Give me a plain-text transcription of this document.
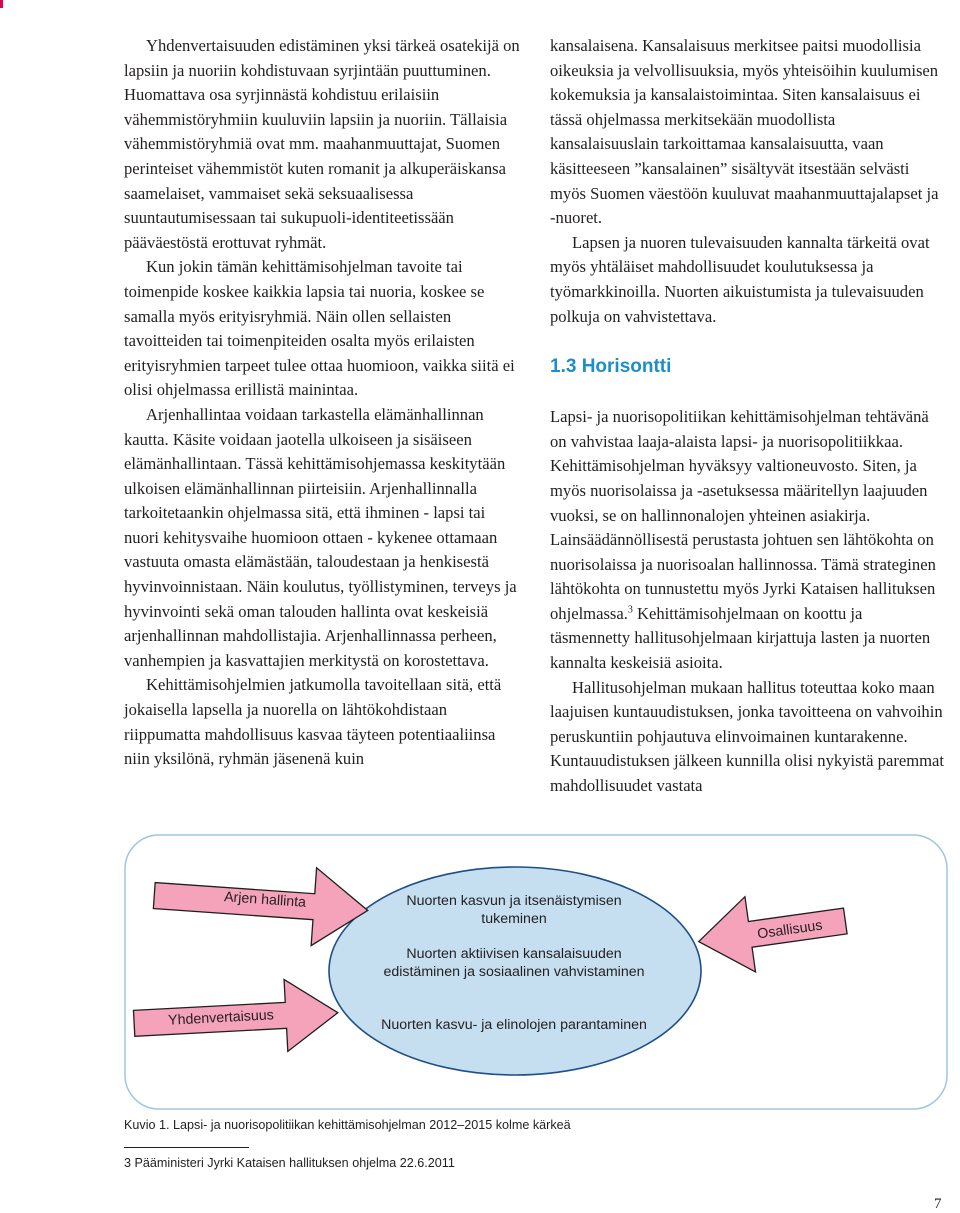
Yhdenvertaisuuden edistäminen yksi tärkeä osatekijä on lapsiin ja nuoriin kohdistuvaan syrjintään puuttuminen. Huomattava osa syrjinnästä kohdistuu erilaisiin vähemmistöryhmiin kuuluviin lapsiin ja nuoriin. Tällaisia vähemmistöryhmiä ovat mm. maahanmuuttajat, Suomen perinteiset vähemmistöt kuten romanit ja alkuperäiskansa saamelaiset, vammaiset sekä seksuaalisessa suuntautumisessaan tai sukupuoli-identiteetissään pääväestöstä erottuvat ryhmät.

Kun jokin tämän kehittämisohjelman tavoite tai toimenpide koskee kaikkia lapsia tai nuoria, koskee se samalla myös erityisryhmiä. Näin ollen sellaisten tavoitteiden tai toimenpiteiden osalta myös erilaisten erityisryhmien tarpeet tulee ottaa huomioon, vaikka siitä ei olisi ohjelmassa erillistä mainintaa.

Arjenhallintaa voidaan tarkastella elämänhallinnan kautta. Käsite voidaan jaotella ulkoiseen ja sisäiseen elämänhallintaan. Tässä kehittämisohjemassa keskitytään ulkoisen elämänhallinnan piirteisiin. Arjenhallinnalla tarkoitetaankin ohjelmassa sitä, että ihminen - lapsi tai nuori kehitysvaihe huomioon ottaen - kykenee ottamaan vastuuta omasta elämästään, taloudestaan ja henkisestä hyvinvoinnistaan. Näin koulutus, työllistyminen, terveys ja hyvinvointi sekä oman talouden hallinta ovat keskeisiä arjenhallinnan mahdollistajia. Arjenhallinnassa perheen, vanhempien ja kasvattajien merkitystä on korostettava.

Kehittämisohjelmien jatkumolla tavoitellaan sitä, että jokaisella lapsella ja nuorella on lähtökohdistaan riippumatta mahdollisuus kasvaa täyteen potentiaaliinsa niin yksilönä, ryhmän jäsenenä kuin

kansalaisena. Kansalaisuus merkitsee paitsi muodollisia oikeuksia ja velvollisuuksia, myös yhteisöihin kuulumisen kokemuksia ja kansalaistoimintaa. Siten kansalaisuus ei tässä ohjelmassa merkitsekään muodollista kansalaisuuslain tarkoittamaa kansalaisuutta, vaan käsitteeseen ”kansalainen” sisältyvät itsestään selvästi myös Suomen väestöön kuuluvat maahanmuuttajalapset ja -nuoret.

Lapsen ja nuoren tulevaisuuden kannalta tärkeitä ovat myös yhtäläiset mahdollisuudet koulutuksessa ja työmarkkinoilla. Nuorten aikuistumista ja tulevaisuuden polkuja on vahvistettava.

1.3 Horisontti

Lapsi- ja nuorisopolitiikan kehittämisohjelman tehtävänä on vahvistaa laaja-alaista lapsi- ja nuorisopolitiikkaa. Kehittämisohjelman hyväksyy valtioneuvosto. Siten, ja myös nuorisolaissa ja -asetuksessa määritellyn laajuuden vuoksi, se on hallinnonalojen yhteinen asiakirja. Lainsäädännöllisestä perustasta johtuen sen lähtökohta on nuorisolaissa ja nuorisoalan hallinnossa. Tämä strateginen lähtökohta on tunnustettu myös Jyrki Kataisen hallituksen ohjelmassa.$^3$ Kehittämisohjelmaan on koottu ja täsmennetty hallitusohjelmaan kirjattuja lasten ja nuorten kannalta keskeisiä asioita.

Hallitusohjelman mukaan hallitus toteuttaa koko maan laajuisen kuntauudistuksen, jonka tavoitteena on vahvoihin peruskuntiin pohjautuva elinvoimainen kuntarakenne. Kuntauudistuksen jälkeen kunnilla olisi nykyistä paremmat mahdollisuudet vastata

Arjen hallinta
Yhdenvertaisuus
Osallisuus
Nuorten kasvun ja itsenäistymisen tukeminen
Nuorten aktiivisen kansalaisuuden edistäminen ja sosiaalinen vahvistaminen
Nuorten kasvu- ja elinolojen parantaminen
Kuvio 1. Lapsi- ja nuorisopolitiikan kehittämisohjelman 2012–2015 kolme kärkeä
3 Pääministeri Jyrki Kataisen hallituksen ohjelma 22.6.2011
7
